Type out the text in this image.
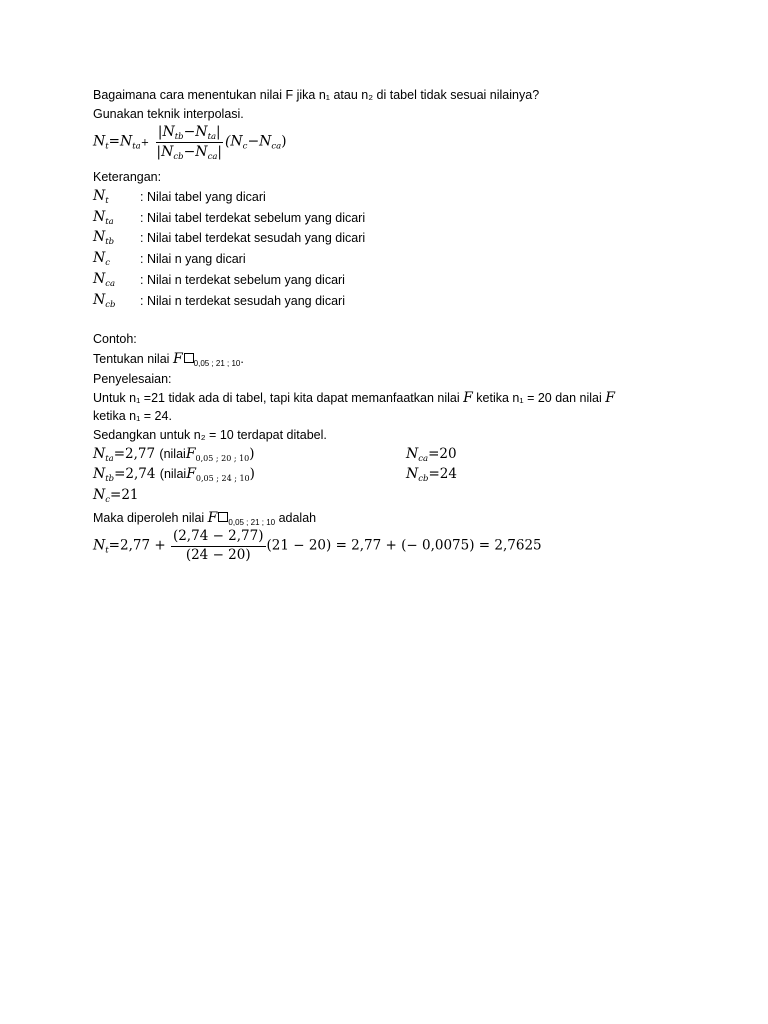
Bagaimana cara menentukan nilai F jika n₁ atau n₂ di tabel tidak sesuai nilainya?
Gunakan teknik interpolasi.
$N_t=N_{ta}+ \frac{|N_{tb}-N_{ta}|}{|N_{cb}-N_{ca}|} (N_c-N_{ca})$
Keterangan:
$N_t$	: Nilai tabel yang dicari
$N_{ta}$ : Nilai tabel terdekat sebelum yang dicari
$N_{tb}$ : Nilai tabel terdekat sesudah yang dicari
$N_c$ : Nilai n yang dicari
$N_{ca}$ : Nilai n terdekat sebelum yang dicari
$N_{cb}$ : Nilai n terdekat sesudah yang dicari
Contoh:
Tentukan nilai F $_{0,05 ; 21 ; 10}$.
Penyelesaian:
Untuk n₁ =21 tidak ada di tabel, tapi kita dapat memanfaatkan nilai F ketika n₁ = 20 dan nilai F
ketika n₁ = 24.
Sedangkan untuk n₂ = 10 terdapat ditabel.
$N_{ta}=2,77$ (nilaiF$_{0,05 ; 20 ; 10}$)	$N_{ca}=20$
$N_{tb}=2,74$ (nilaiF$_{0,05 ; 24 ; 10}$)	$N_{cb}=24$
$N_c=21$
Maka diperoleh nilai F $_{0,05 ; 21 ; 10}$ adalah
$N_t=2,77 + \frac{(2,74 - 2,77)}{(24 - 20)} (21 - 20) = 2,77$ + (− 0,0075) = 2,7625
